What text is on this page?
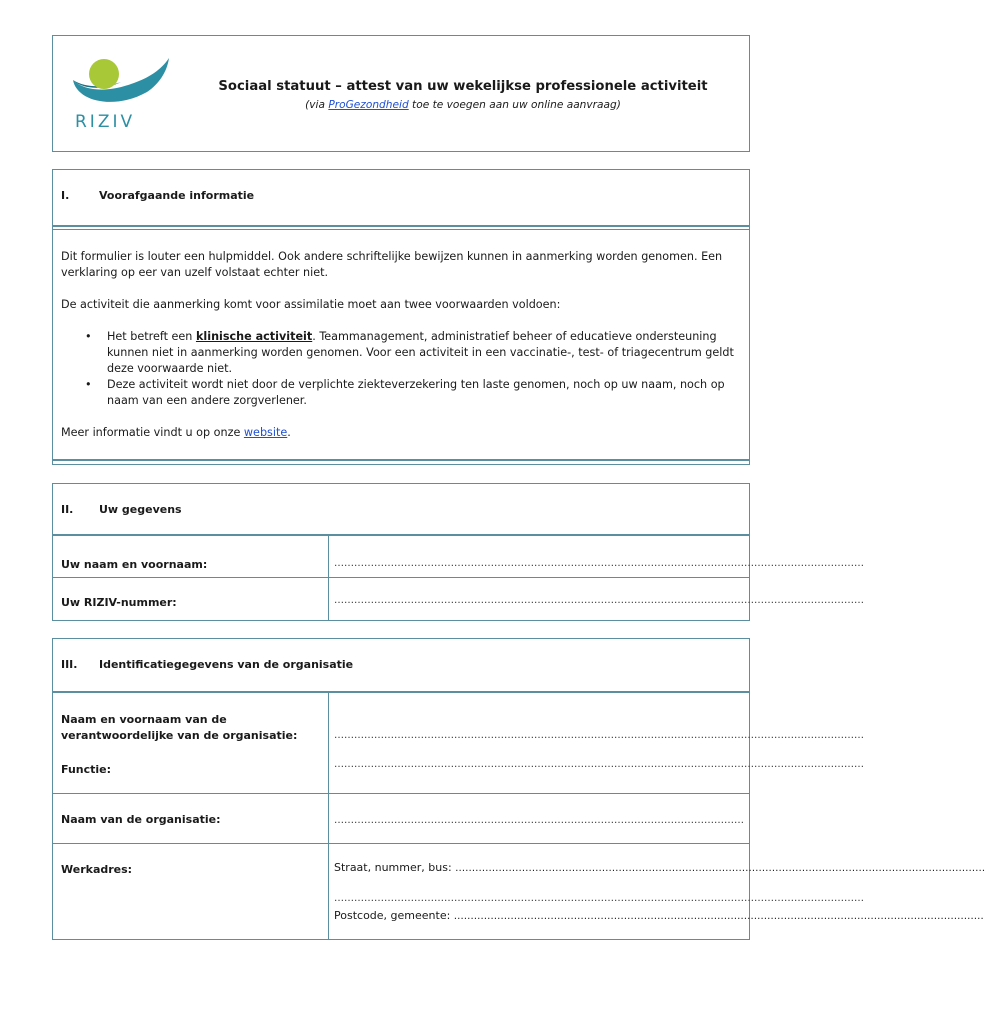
RIZIV
Sociaal statuut – attest van uw wekelijkse professionele activiteit
(via ProGezondheid toe te voegen aan uw online aanvraag)
I.	Voorafgaande informatie

Dit formulier is louter een hulpmiddel. Ook andere schriftelijke bewijzen kunnen in aanmerking worden genomen. Een verklaring op eer van uzelf volstaat echter niet.

De activiteit die aanmerking komt voor assimilatie moet aan twee voorwaarden voldoen:

• Het betreft een klinische activiteit. Teammanagement, administratief beheer of educatieve ondersteuning kunnen niet in aanmerking worden genomen. Voor een activiteit in een vaccinatie-, test- of triagecentrum geldt deze voorwaarde niet.
• Deze activiteit wordt niet door de verplichte ziekteverzekering ten laste genomen, noch op uw naam, noch op naam van een andere zorgverlener.

Meer informatie vindt u op onze website.

II. Uw gegevens
Uw naam en voornaam:	……………………………………………………………………………………………………………………………………………
Uw RIZIV-nummer:	……………………………………………………………………………………………………………………………………………
III. Identificatiegegevens van de organisatie
Naam en voornaam van de verantwoordelijke van de organisatie:	……………………………………………………………………………………………………………………………………………
Functie:	……………………………………………………………………………………………………………………………………………
Naam van de organisatie:	……………………………………………………………………………………………………………
Werkadres:	Straat, nummer, bus: ……………………………………………………………………………………………………………………………………………
……………………………………………………………………………………………………………………………………………
Postcode, gemeente: ……………………………………………………………………………………………………………………………………………
